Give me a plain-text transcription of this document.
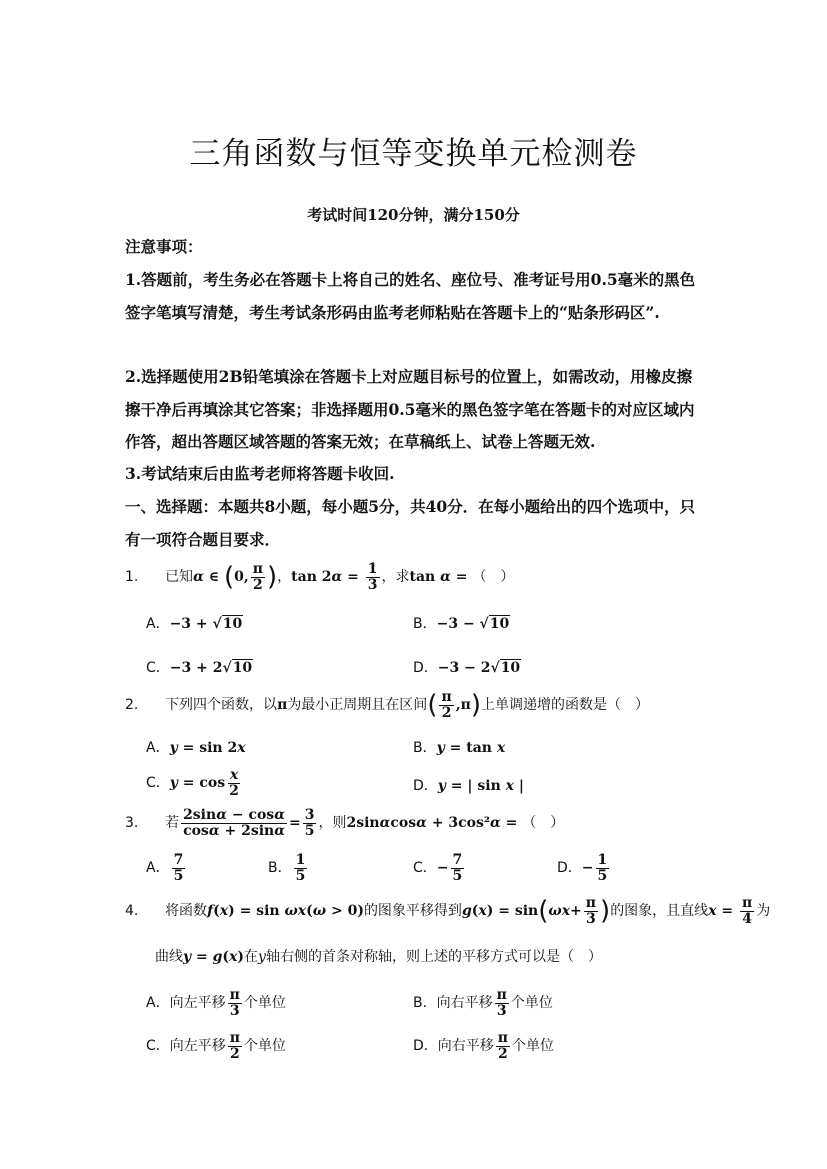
三角函数与恒等变换单元检测卷
考试时间120分钟，满分150分
注意事项：
1.答题前，考生务必在答题卡上将自己的姓名、座位号、准考证号用0.5毫米的黑色签字笔填写清楚，考生考试条形码由监考老师粘贴在答题卡上的“贴条形码区”.
2.选择题使用2B铅笔填涂在答题卡上对应题目标号的位置上，如需改动，用橡皮擦擦干净后再填涂其它答案；非选择题用0.5毫米的黑色签字笔在答题卡的对应区域内作答，超出答题区域答题的答案无效；在草稿纸上、试卷上答题无效.
3.考试结束后由监考老师将答题卡收回.
一、选择题：本题共8小题，每小题5分，共40分．在每小题给出的四个选项中，只有一项符合题目要求．
1. 已知α ∈ (0, $\frac{\pi}{2}$ )，$\tan 2\alpha = \frac{1}{3}$ ，求tan α = （　）
A．−3 + √10	B．−3 − √10
C．−3 + 2√10	D．−3 − 2√10
2. 下列四个函数，以π为最小正周期且在区间( $\frac{\pi}{2} ,\pi$)上单调递增的函数是（　）
A．y = sin 2x	B．y = tan x
C．$y = \cos \frac{x}{2}$	D．y = | sin x |
3. 若 $\frac{2\sin\alpha - \cos\alpha}{\cos\alpha + 2\sin\alpha} = \frac{3}{5}$ ，则2sinαcosα + 3cos²α = （　）
A． $\frac{7}{5}$	B． $\frac{1}{5}$	C．− $\frac{7}{5}$	D．− $\frac{1}{5}$
4. 将函数f(x) = sin ωx(ω > 0)的图象平移得到$g(x) = \sin(\omega x+ \frac{\pi}{3}$ )的图象，且直线$x = \frac{\pi}{4}$ 为
曲线y = g(x)在y轴右侧的首条对称轴，则上述的平移方式可以是（　）
A．向左平移 $\frac{\pi}{3}$ 个单位	B．向右平移 $\frac{\pi}{3}$ 个单位
C．向左平移 $\frac{\pi}{2}$ 个单位	D．向右平移 $\frac{\pi}{2}$ 个单位
